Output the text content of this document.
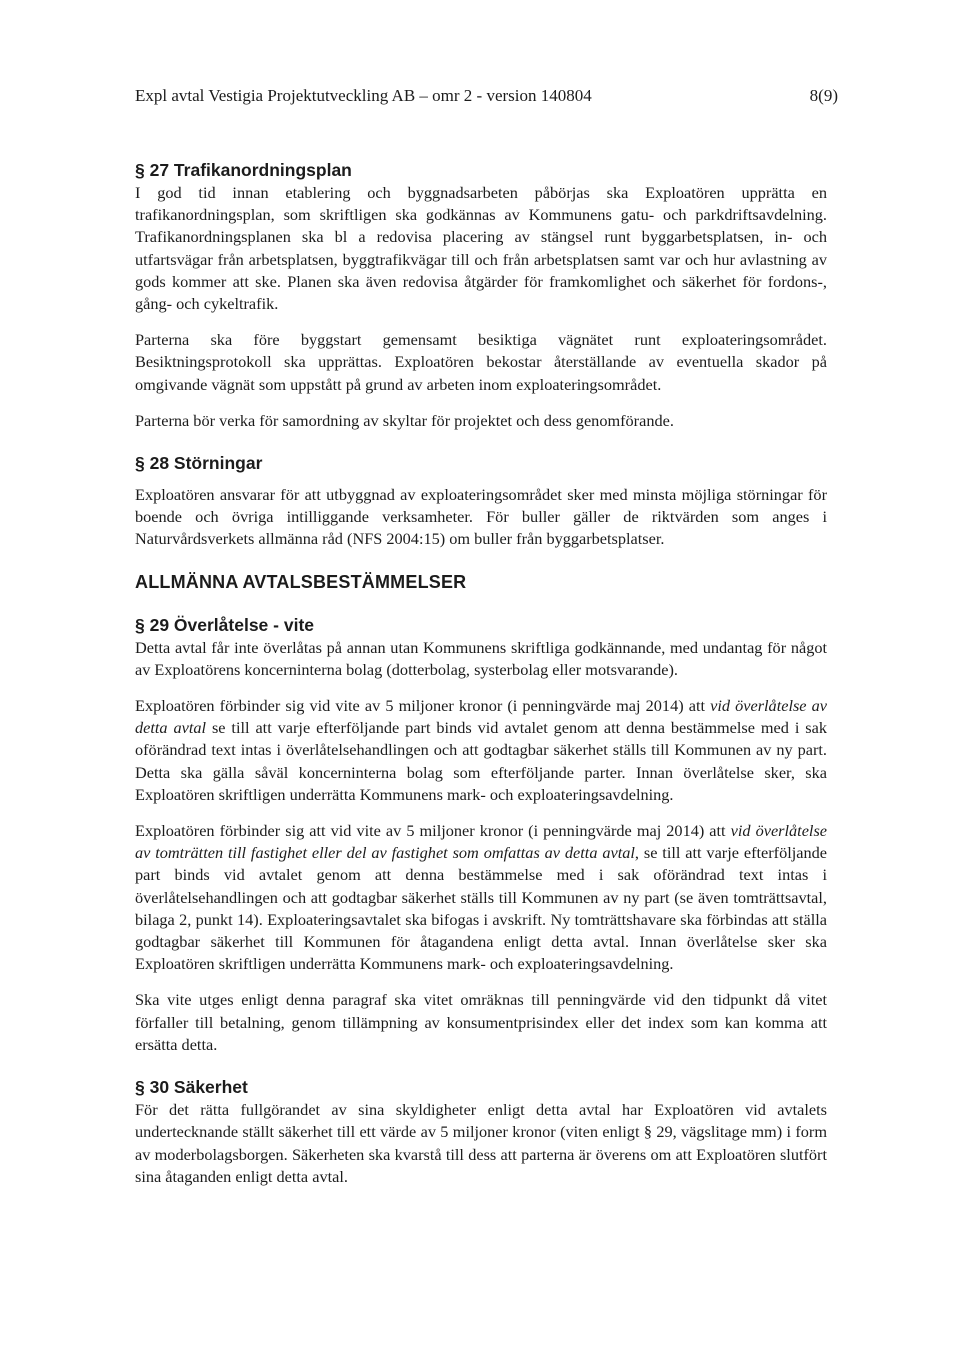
Expl avtal Vestigia Projektutveckling AB – omr 2 - version 140804	8(9)
§ 27 Trafikanordningsplan

I god tid innan etablering och byggnadsarbeten påbörjas ska Exploatören upprätta en trafikanordningsplan, som skriftligen ska godkännas av Kommunens gatu- och parkdriftsavdelning. Trafikanordningsplanen ska bl a redovisa placering av stängsel runt byggarbetsplatsen, in- och utfartsvägar från arbetsplatsen, byggtrafikvägar till och från arbetsplatsen samt var och hur avlastning av gods kommer att ske. Planen ska även redovisa åtgärder för framkomlighet och säkerhet för fordons-, gång- och cykeltrafik.

Parterna ska före byggstart gemensamt besiktiga vägnätet runt exploateringsområdet. Besiktningsprotokoll ska upprättas. Exploatören bekostar återställande av eventuella skador på omgivande vägnät som uppstått på grund av arbeten inom exploateringsområdet.

Parterna bör verka för samordning av skyltar för projektet och dess genomförande.

§ 28 Störningar

Exploatören ansvarar för att utbyggnad av exploateringsområdet sker med minsta möjliga störningar för boende och övriga intilliggande verksamheter. För buller gäller de riktvärden som anges i Naturvårdsverkets allmänna råd (NFS 2004:15) om buller från byggarbetsplatser.

ALLMÄNNA AVTALSBESTÄMMELSER
§ 29 Överlåtelse - vite

Detta avtal får inte överlåtas på annan utan Kommunens skriftliga godkännande, med undantag för något av Exploatörens koncerninterna bolag (dotterbolag, systerbolag eller motsvarande).

Exploatören förbinder sig vid vite av 5 miljoner kronor (i penningvärde maj 2014) att vid överlåtelse av detta avtal se till att varje efterföljande part binds vid avtalet genom att denna bestämmelse med i sak oförändrad text intas i överlåtelsehandlingen och att godtagbar säkerhet ställs till Kommunen av ny part. Detta ska gälla såväl koncerninterna bolag som efterföljande parter. Innan överlåtelse sker, ska Exploatören skriftligen underrätta Kommunens mark- och exploateringsavdelning.

Exploatören förbinder sig att vid vite av 5 miljoner kronor (i penningvärde maj 2014) att vid överlåtelse av tomträtten till fastighet eller del av fastighet som omfattas av detta avtal, se till att varje efterföljande part binds vid avtalet genom att denna bestämmelse med i sak oförändrad text intas i överlåtelsehandlingen och att godtagbar säkerhet ställs till Kommunen av ny part (se även tomträttsavtal, bilaga 2, punkt 14). Exploateringsavtalet ska bifogas i avskrift. Ny tomträttshavare ska förbindas att ställa godtagbar säkerhet till Kommunen för åtagandena enligt detta avtal. Innan överlåtelse sker ska Exploatören skriftligen underrätta Kommunens mark- och exploateringsavdelning.

Ska vite utges enligt denna paragraf ska vitet omräknas till penningvärde vid den tidpunkt då vitet förfaller till betalning, genom tillämpning av konsumentprisindex eller det index som kan komma att ersätta detta.

§ 30 Säkerhet

För det rätta fullgörandet av sina skyldigheter enligt detta avtal har Exploatören vid avtalets undertecknande ställt säkerhet till ett värde av 5 miljoner kronor (viten enligt § 29, vägslitage mm) i form av moderbolagsborgen. Säkerheten ska kvarstå till dess att parterna är överens om att Exploatören slutfört sina åtaganden enligt detta avtal.
